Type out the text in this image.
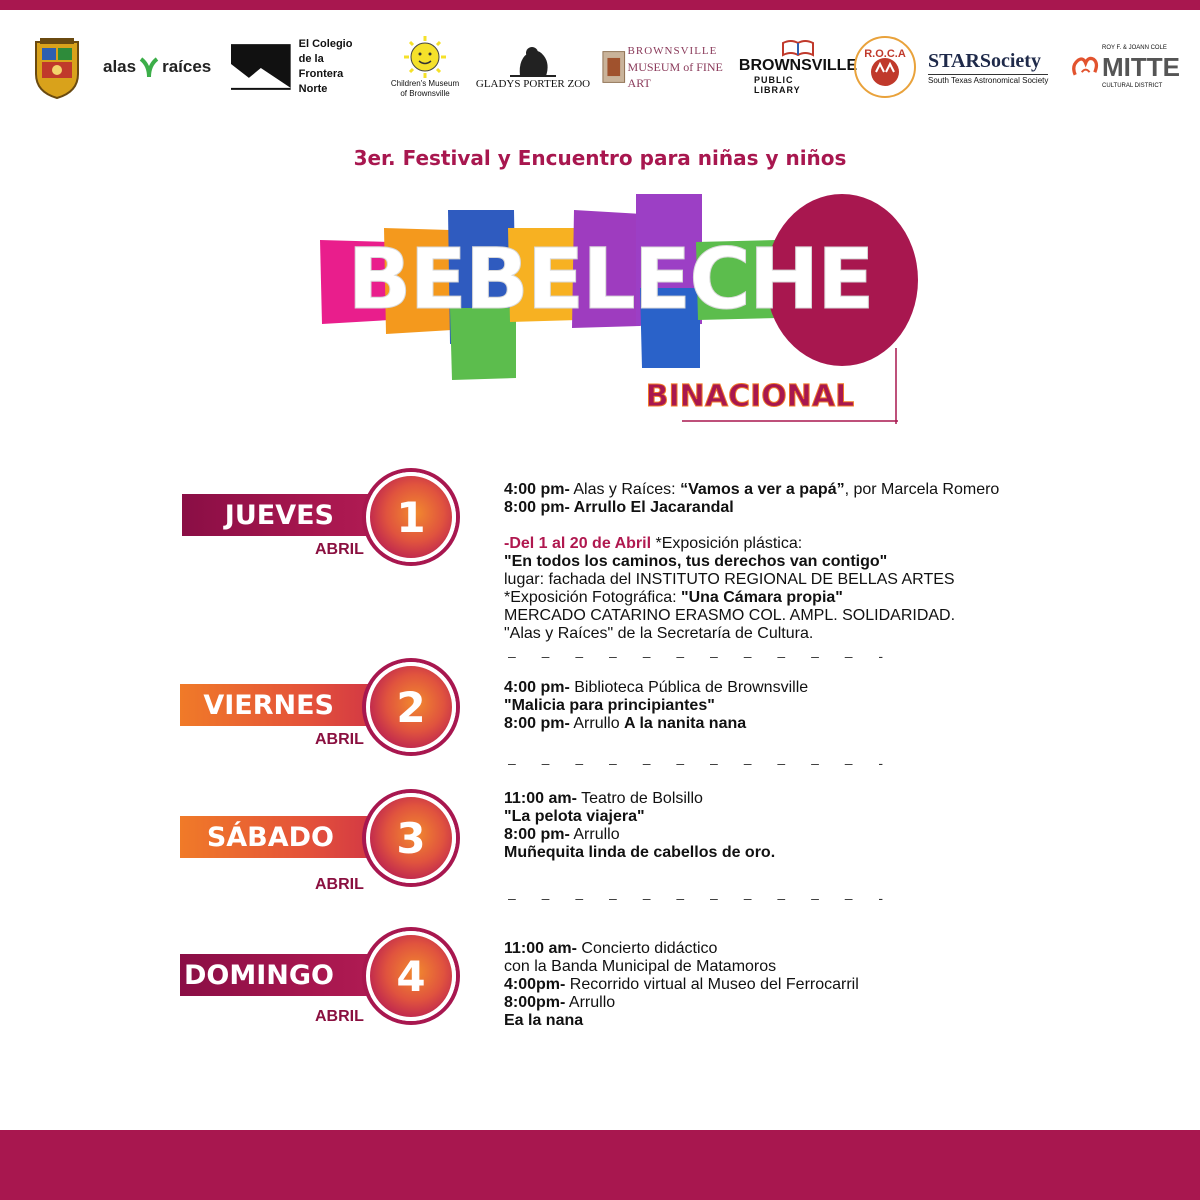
alas raíces
El Colegio
de la Frontera
Norte	Children's Museum
of Brownsville
GLADYS PORTER ZOO
BROWNSVILLE
MUSEUM of FINE ART
BROWNSVILLE
PUBLIC LIBRARY
R.O.C.A	STARSociety
South Texas Astronomical Society
ROY F. & JOANN COLE
MITTE
CULTURAL DISTRICT
3er. Festival y Encuentro para niñas y niños
BEBELECHE
BINACIONAL
JUEVES 1
ABRIL

4:00 pm- Alas y Raíces: “Vamos a ver a papá”, por Marcela Romero

8:00 pm- Arrullo El Jacarandal

-Del 1 al 20 de Abril *Exposición plástica:

"En todos los caminos, tus derechos van contigo"

lugar: fachada del INSTITUTO REGIONAL DE BELLAS ARTES

*Exposición Fotográfica: "Una Cámara propia"

MERCADO CATARINO ERASMO COL. AMPL. SOLIDARIDAD.

"Alas y Raíces" de la Secretaría de Cultura.

– – – – – – – – – – – -
VIERNES 2
ABRIL

4:00 pm- Biblioteca Pública de Brownsville

"Malicia para principiantes"

8:00 pm- Arrullo A la nanita nana

– – – – – – – – – – – -
SÁBADO 3
ABRIL

11:00 am- Teatro de Bolsillo

"La pelota viajera"

8:00 pm- Arrullo

Muñequita linda de cabellos de oro.

– – – – – – – – – – – -
DOMINGO 4
ABRIL

11:00 am- Concierto didáctico

con la Banda Municipal de Matamoros

4:00pm- Recorrido virtual al Museo del Ferrocarril

8:00pm- Arrullo

Ea la nana
